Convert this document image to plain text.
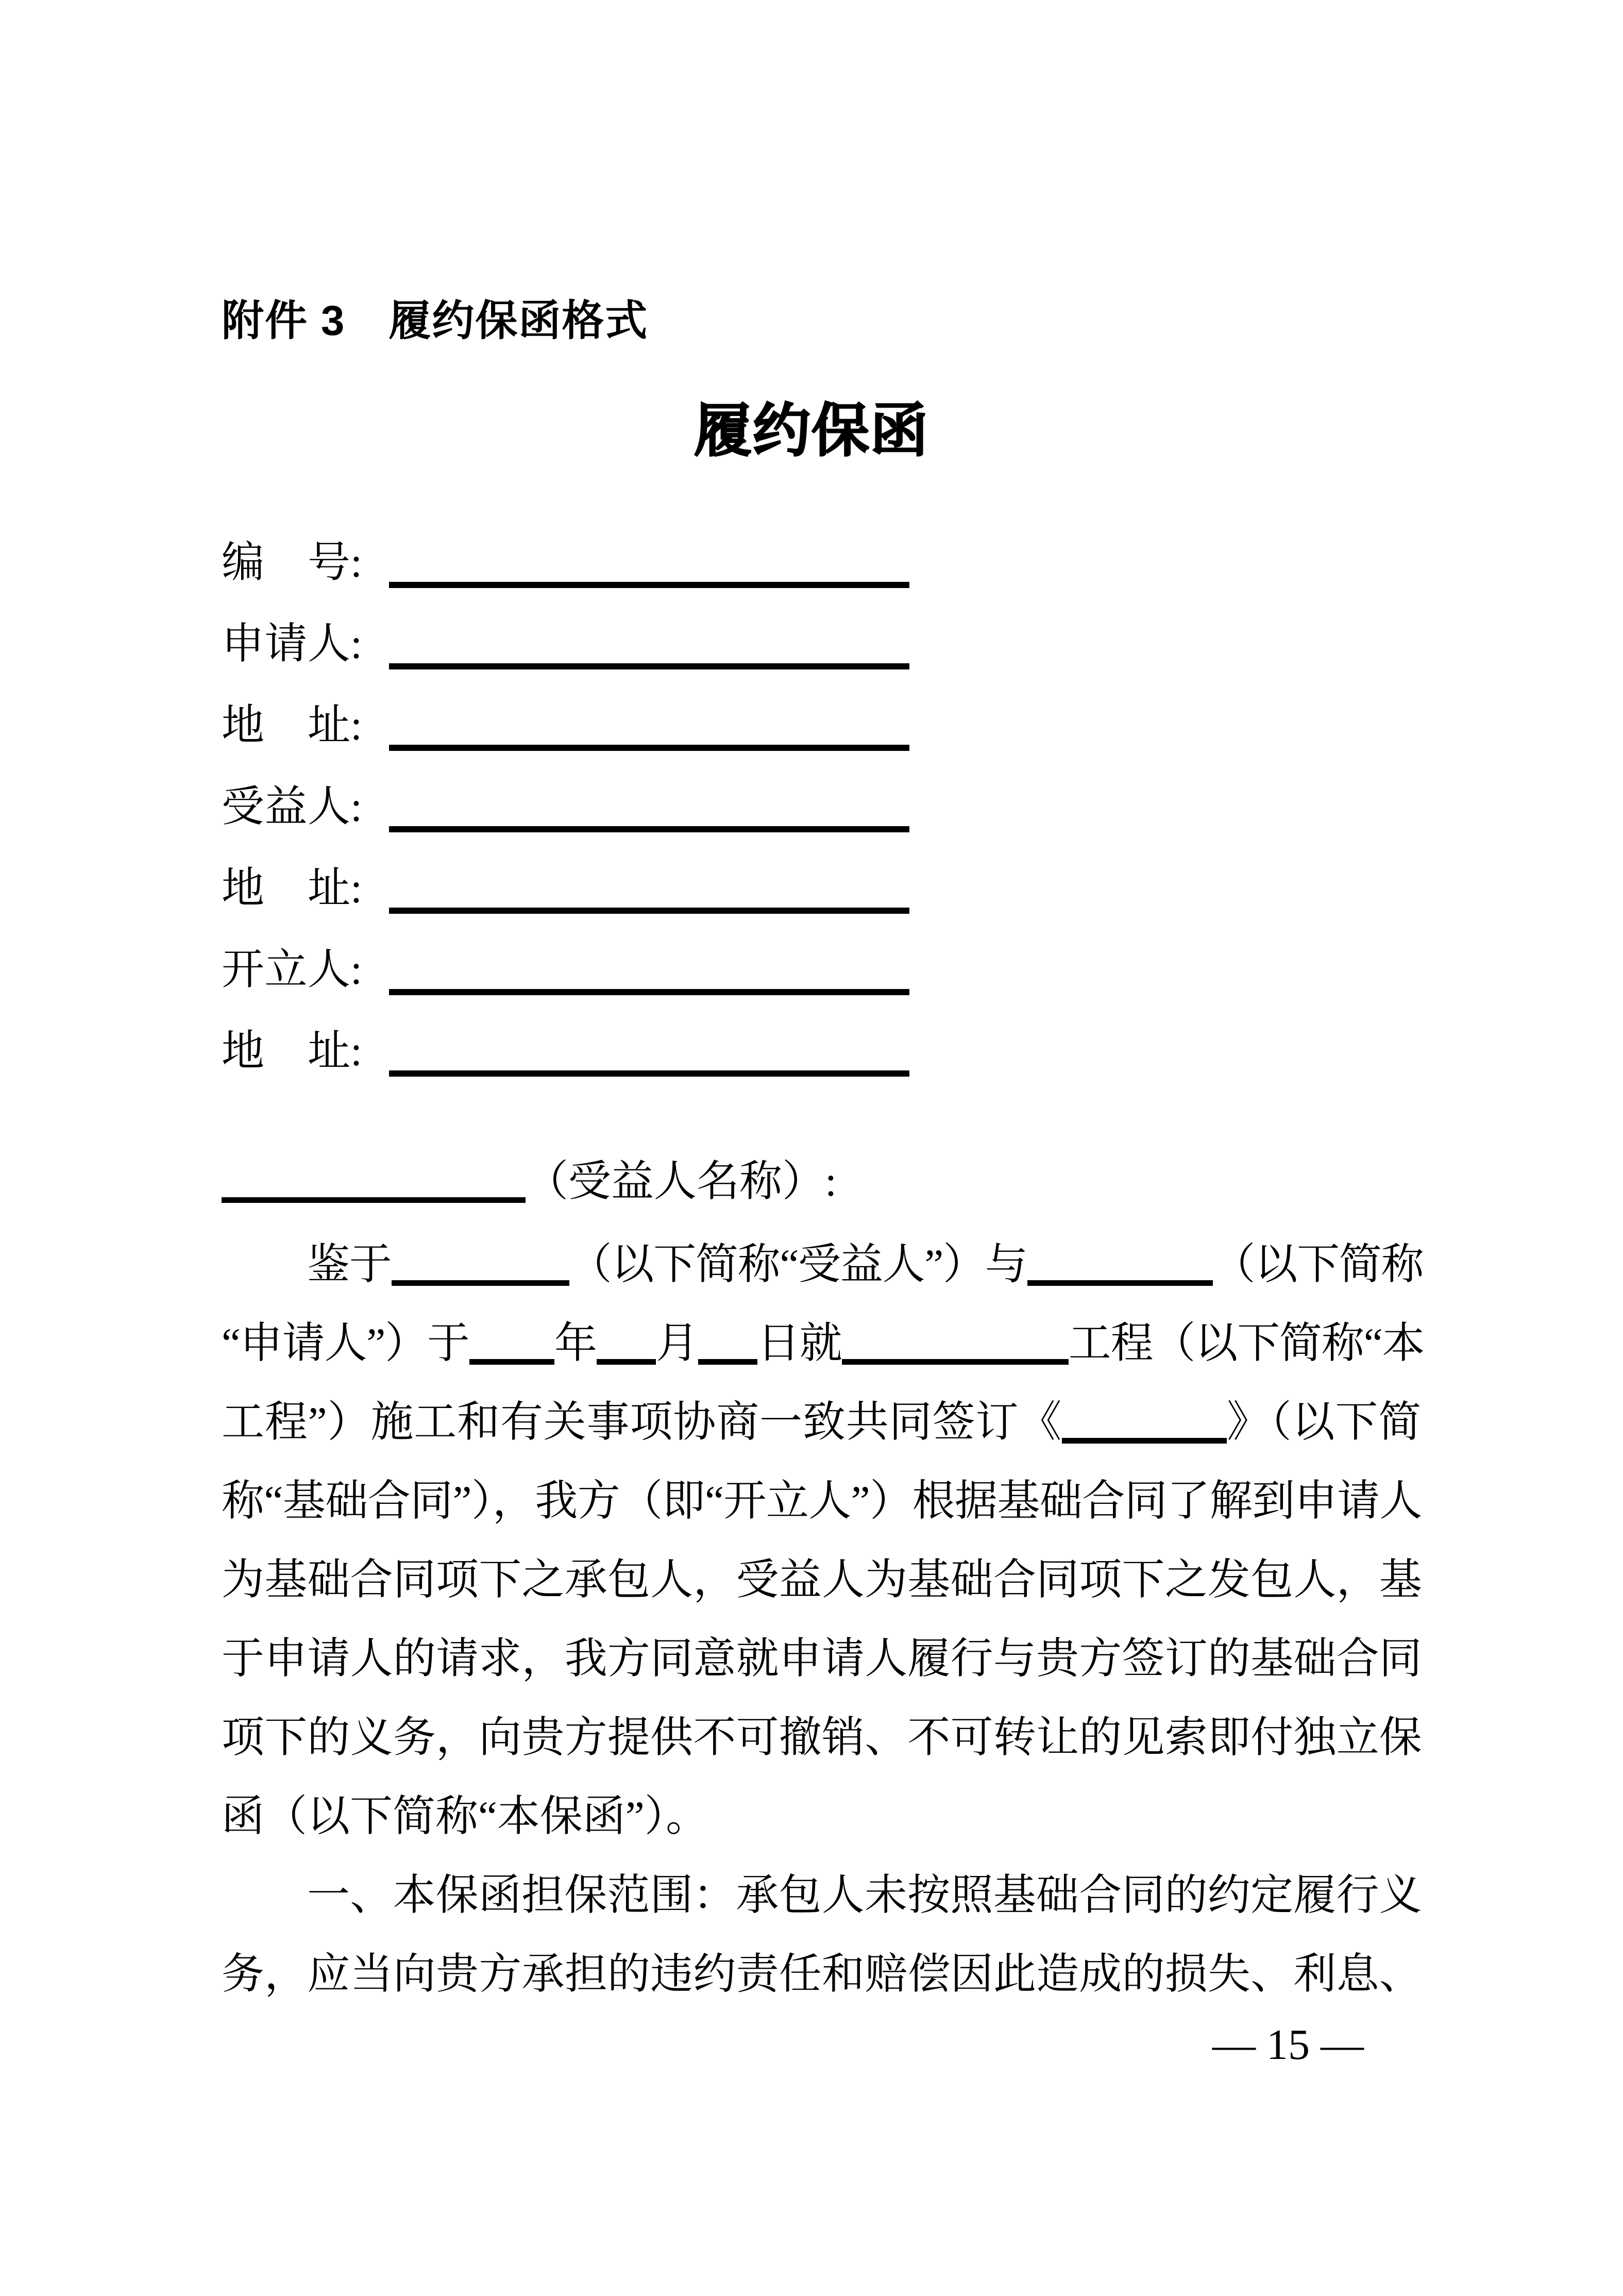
附件 3　履约保函格式
履约保函
编 号 :
申 请 人 :
地 址 :
受 益 人 :
地 址 :
开 立 人 :
地 址 :
（受益人名称）:
鉴于	（以下简称“受益人”）与	（以下简称
“申请人”）于 年 月 日就	工程（以下简称“本
工程”）施工和有关事项协商一致共同签订《	》（以下简
称“基础合同”），我方（即“开立人”）根据基础合同了解到申请人
为基础合同项下之承包人，受益人为基础合同项下之发包人，基
于申请人的请求，我方同意就申请人履行与贵方签订的基础合同
项下的义务，向贵方提供不可撤销、不可转让的见索即付独立保
函（以下简称“本保函”）。
一、本保函担保范围：承包人未按照基础合同的约定履行义
务，应当向贵方承担的违约责任和赔偿因此造成的损失、利息、
— 15 —
